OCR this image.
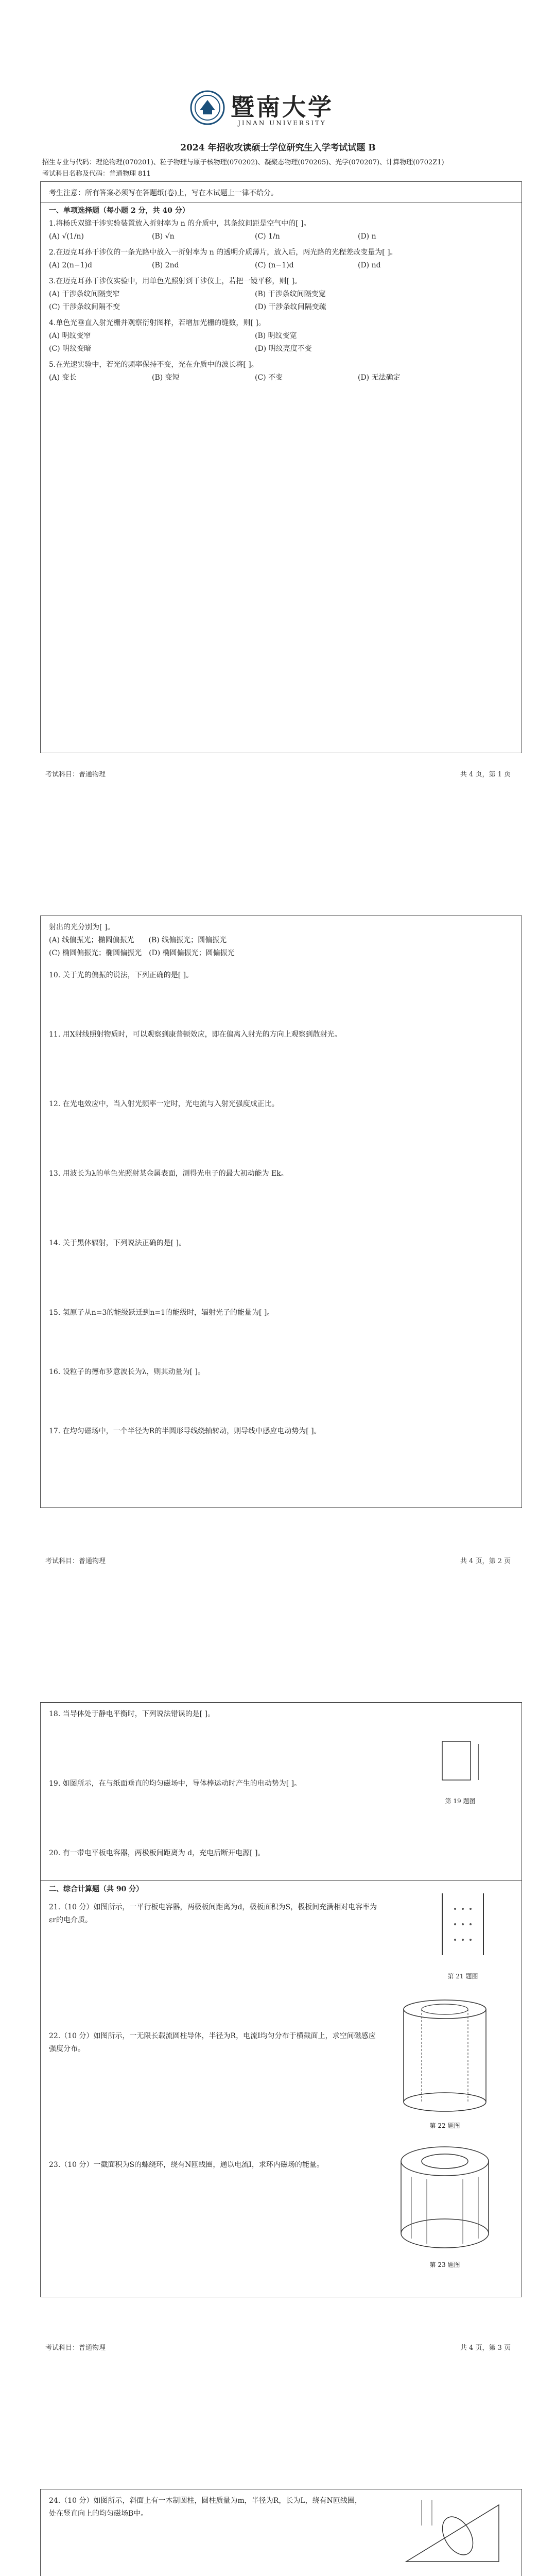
暨南大学
JINAN UNIVERSITY
2024 年招收攻读硕士学位研究生入学考试试题 B
招生专业与代码：理论物理(070201)、粒子物理与原子核物理(070202)、凝聚态物理(070205)、光学(070207)、计算物理(0702Z1)
考试科目名称及代码：普通物理 811
考生注意：所有答案必须写在答题纸(卷)上，写在本试题上一律不给分。
一、单项选择题（每小题 2 分，共 40 分）
1.将杨氏双缝干涉实验装置放入折射率为 n 的介质中，其条纹间距是空气中的[ ]。
(A) √(1/n)	(B) √n	(C) 1/n	(D) n
2.在迈克耳孙干涉仪的一条光路中放入一折射率为 n 的透明介质薄片，放入后，两光路的光程差改变量为[ ]。
(A) 2(n−1)d	(B) 2nd	(C) (n−1)d	(D) nd
3.在迈克耳孙干涉仪实验中，用单色光照射到干涉仪上，若把一镜平移，则[ ]。
(A) 干涉条纹间隔变窄	(B) 干涉条纹间隔变宽
(C) 干涉条纹间隔不变	(D) 干涉条纹间隔变疏
4.单色光垂直入射光栅并观察衍射图样，若增加光栅的缝数，则[ ]。
(A) 明纹变窄	(B) 明纹变宽
(C) 明纹变暗	(D) 明纹亮度不变
5.在光速实验中，若光的频率保持不变，光在介质中的波长将[ ]。
(A) 变长	(B) 变短	(C) 不变	(D) 无法确定
考试科目：普通物理	共 4 页，第 1 页
射出的光分别为[ ]。
(A) 线偏振光；椭圆偏振光　　(B) 线偏振光；圆偏振光
(C) 椭圆偏振光；椭圆偏振光　(D) 椭圆偏振光；圆偏振光
10. 关于光的偏振的说法，下列正确的是[ ]。
11. 用X射线照射物质时，可以观察到康普顿效应，即在偏离入射光的方向上观察到散射光。
12. 在光电效应中，当入射光频率一定时，光电流与入射光强度成正比。
13. 用波长为λ的单色光照射某金属表面，测得光电子的最大初动能为 Ek。
14. 关于黑体辐射，下列说法正确的是[ ]。
15. 氢原子从n=3的能级跃迁到n=1的能级时，辐射光子的能量为[ ]。
16. 设粒子的德布罗意波长为λ，则其动量为[ ]。
17. 在均匀磁场中，一个半径为R的半圆形导线绕轴转动，则导线中感应电动势为[ ]。
考试科目：普通物理	共 4 页，第 2 页
18. 当导体处于静电平衡时，下列说法错误的是[ ]。
19. 如图所示，在与纸面垂直的均匀磁场中，导体棒运动时产生的电动势为[ ]。
20. 有一带电平板电容器，两极板间距离为 d，充电后断开电源[ ]。
二、综合计算题（共 90 分）
21.（10 分）如图所示，一平行板电容器，两极板间距离为d，极板面积为S，极板间充满相对电容率为εr的电介质。
22.（10 分）如图所示，一无限长载流圆柱导体，半径为R，电流I均匀分布于横截面上，求空间磁感应强度分布。
23.（10 分）一截面积为S的螺绕环，绕有N匝线圈，通以电流I，求环内磁场的能量。
第 19 题图
第 21 题图
第 22 题图
第 23 题图
考试科目：普通物理	共 4 页，第 3 页
24.（10 分）如图所示，斜面上有一木制圆柱，圆柱质量为m，半径为R，长为L，绕有N匝线圈，处在竖直向上的均匀磁场B中。
